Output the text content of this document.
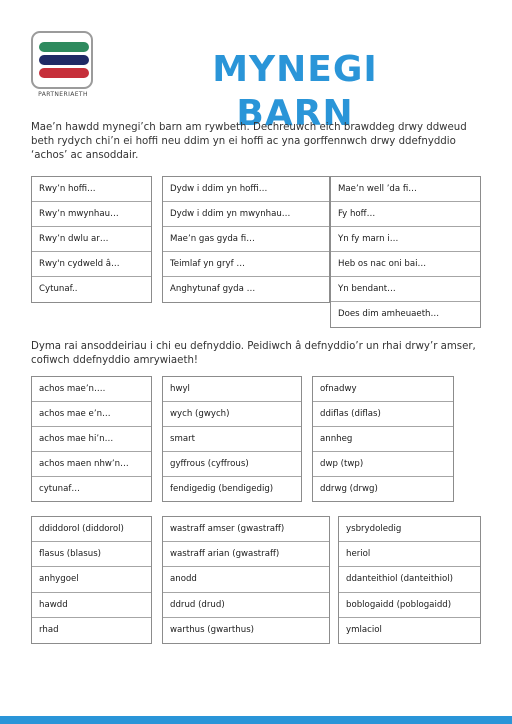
PARTNERIAETH
MYNEGI BARN
Mae’n hawdd mynegi’ch barn am rywbeth. Dechreuwch eich brawddeg drwy ddweud beth rydych chi’n ei hoffi neu ddim yn ei hoffi ac yna gorffennwch drwy ddefnyddio ‘achos’ ac ansoddair.
Rwy’n hoffi…
Rwy’n mwynhau…
Rwy’n dwlu ar…
Rwy'n cydweld â…
Cytunaf..
Dydw i ddim yn hoffi…
Dydw i ddim yn mwynhau…
Mae’n gas gyda fi…
Teimlaf yn gryf …
Anghytunaf gyda …
Mae’n well ’da fi…
Fy hoff…
Yn fy marn i…
Heb os nac oni bai…
Yn bendant…
Does dim amheuaeth…
Dyma rai ansoddeiriau i chi eu defnyddio. Peidiwch â defnyddio’r un rhai drwy’r amser, cofiwch ddefnyddio amrywiaeth!
achos mae’n….
achos mae e’n…
achos mae hi’n…
achos maen nhw’n…
cytunaf…
hwyl
wych (gwych)
smart
gyffrous (cyffrous)
fendigedig (bendigedig)
ofnadwy
ddiflas (diflas)
annheg
dwp (twp)
ddrwg (drwg)
ddiddorol (diddorol)
flasus (blasus)
anhygoel
hawdd
rhad
wastraff amser (gwastraff)
wastraff arian (gwastraff)
anodd
ddrud (drud)
warthus (gwarthus)
ysbrydoledig
heriol
ddanteithiol (danteithiol)
boblogaidd (poblogaidd)
ymlaciol
